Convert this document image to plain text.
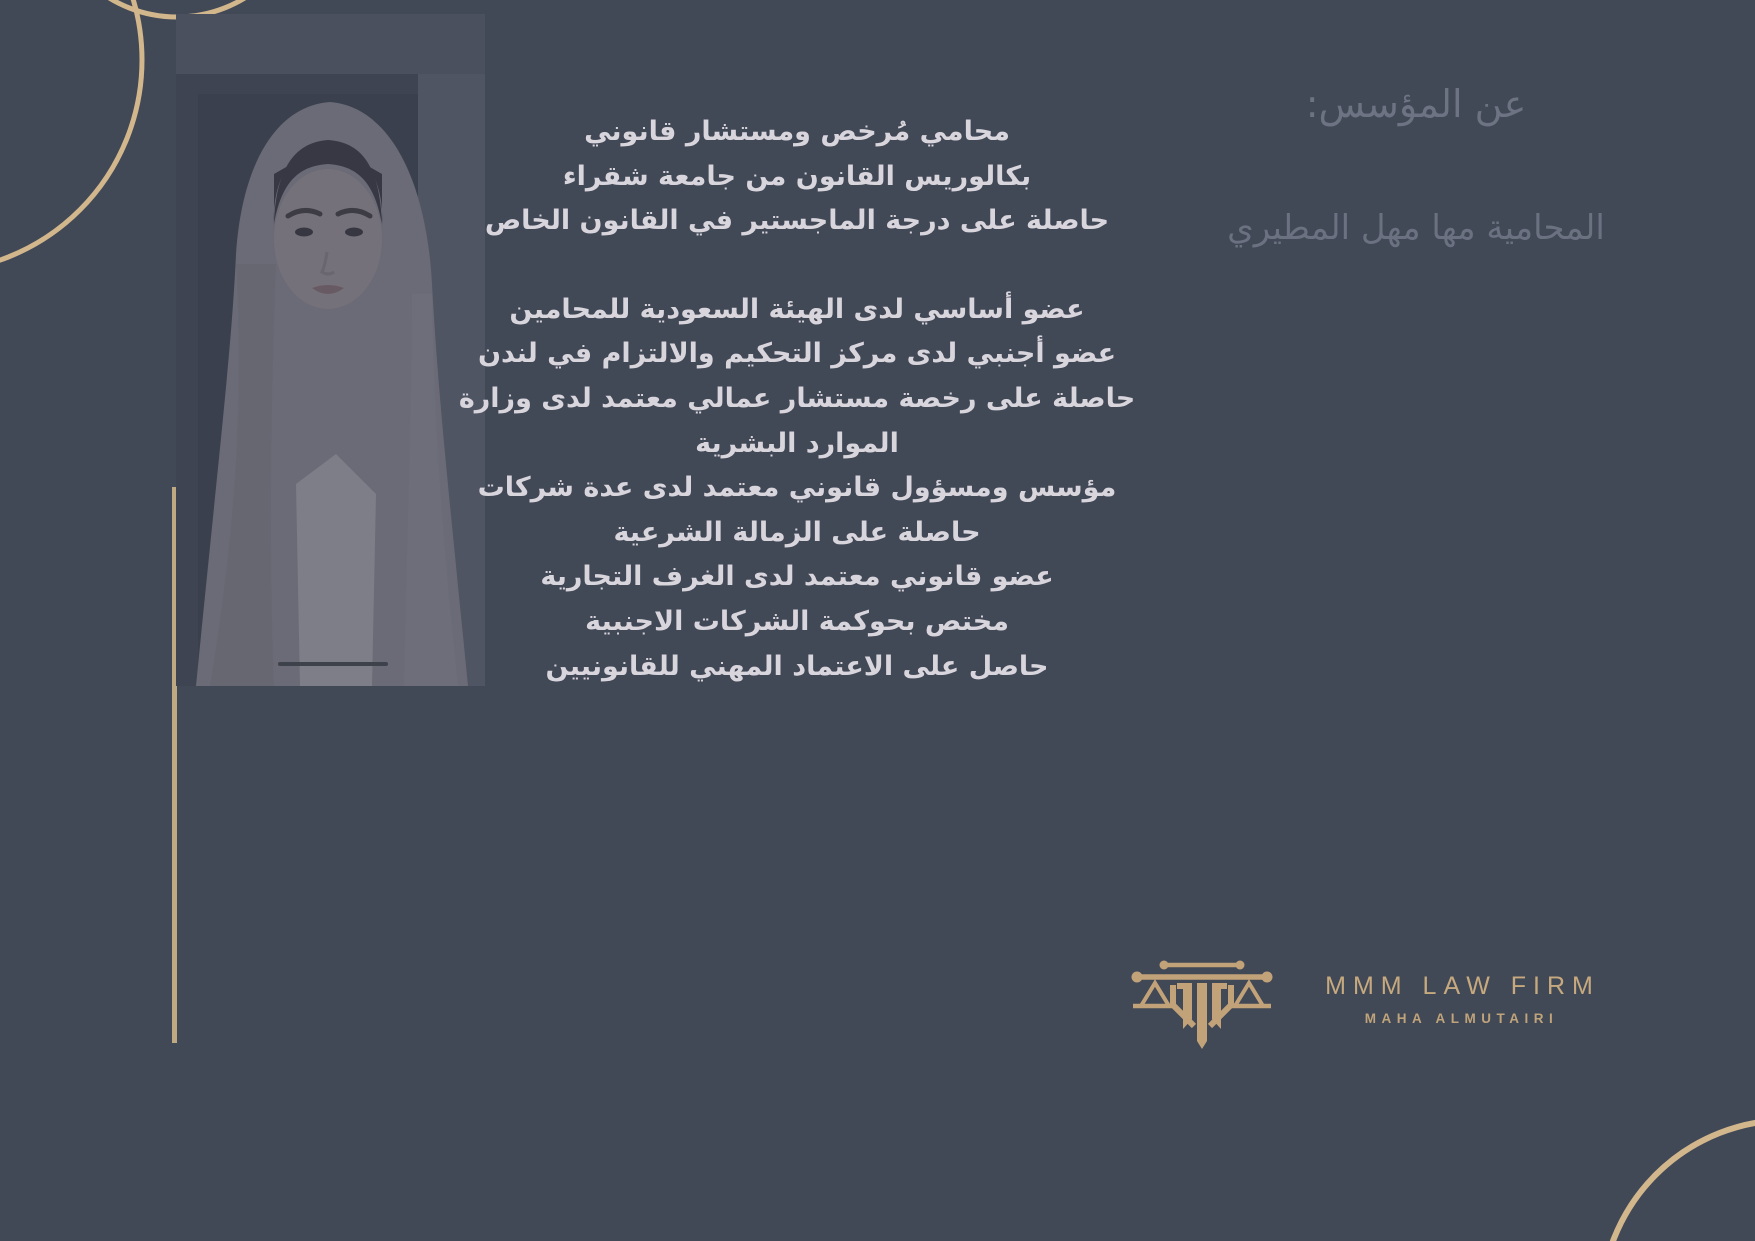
عن المؤسس:
المحامية مها مهل المطيري

محامي مُرخص ومستشار قانوني

بكالوريس القانون من جامعة شقراء

حاصلة على درجة الماجستير في القانون الخاص

عضو أساسي لدى الهيئة السعودية للمحامين

عضو أجنبي لدى مركز التحكيم والالتزام في لندن

حاصلة على رخصة مستشار عمالي معتمد لدى وزارة

الموارد البشرية

مؤسس ومسؤول قانوني معتمد لدى عدة شركات

حاصلة على الزمالة الشرعية

عضو قانوني معتمد لدى الغرف التجارية

مختص بحوكمة الشركات الاجنبية

حاصل على الاعتماد المهني للقانونيين

MMM LAW FIRM

MAHA ALMUTAIRI
